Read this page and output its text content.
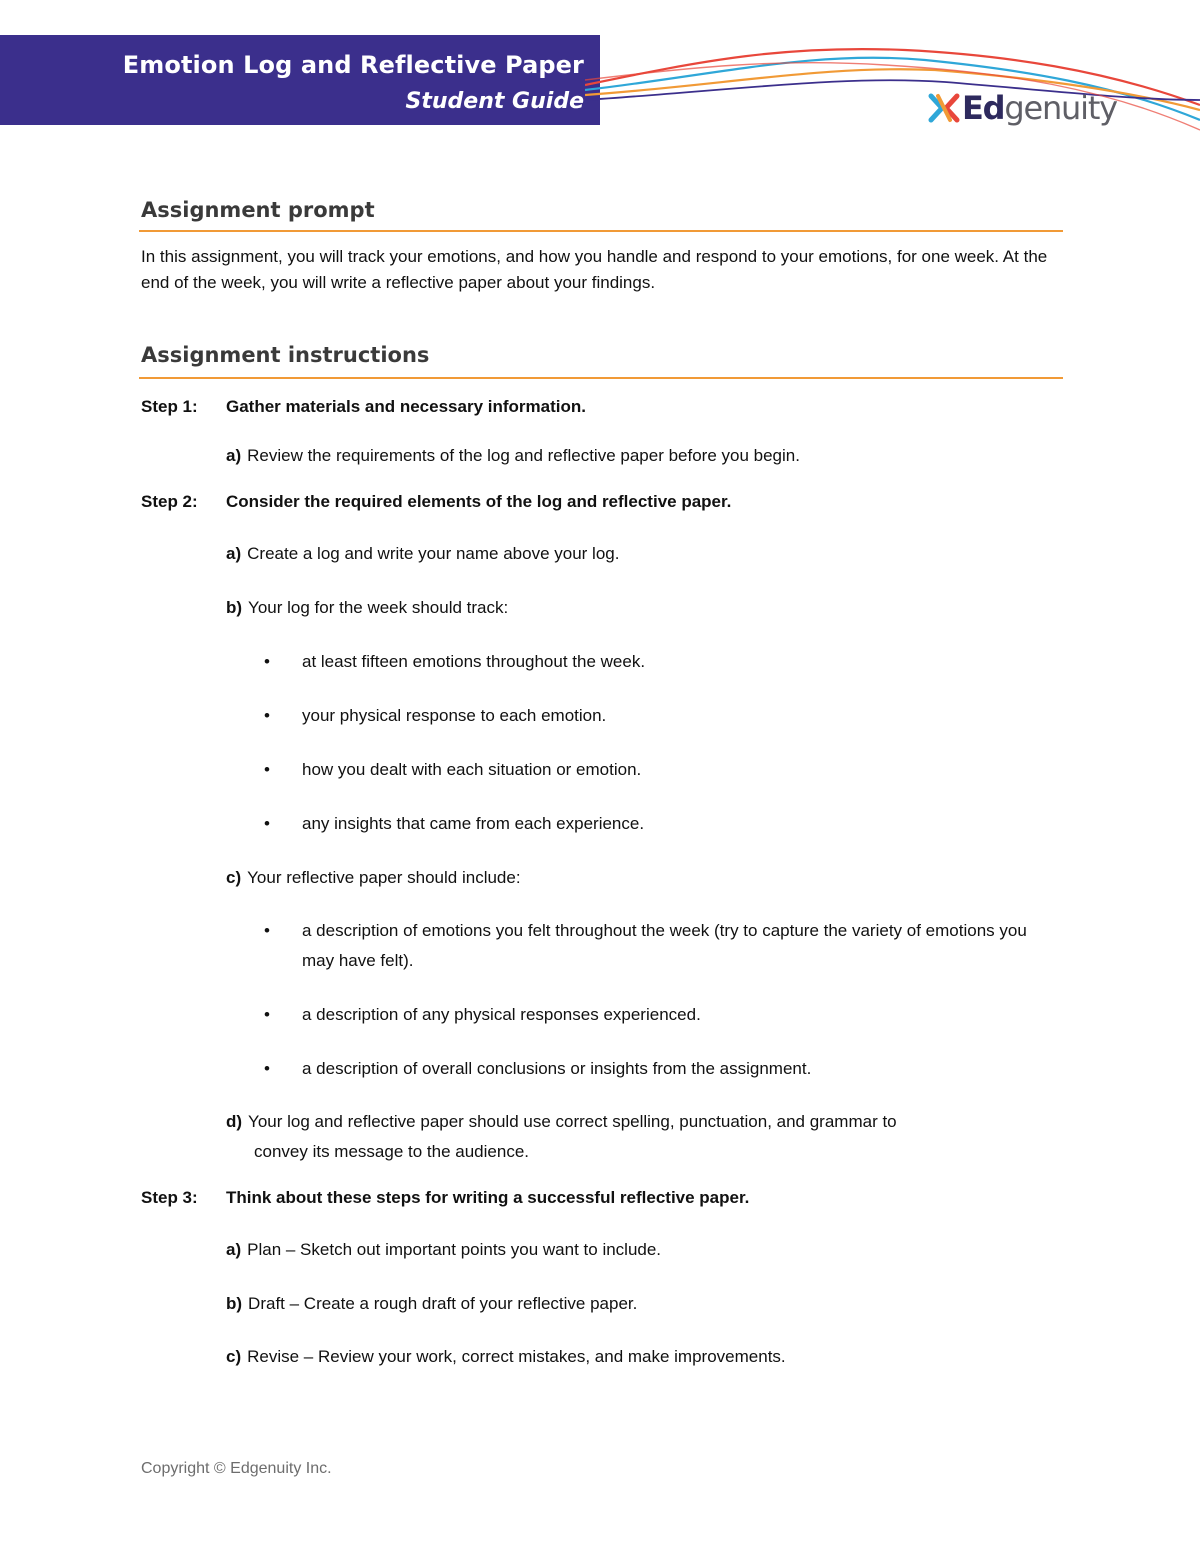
Emotion Log and Reflective Paper
Student Guide	Edgenuity
Assignment prompt
In this assignment, you will track your emotions, and how you handle and respond to your emotions, for one week. At the end of the week, you will write a reflective paper about your findings.
Assignment instructions
Step 1: Gather materials and necessary information.
a) Review the requirements of the log and reflective paper before you begin.
Step 2: Consider the required elements of the log and reflective paper.
a) Create a log and write your name above your log.
b) Your log for the week should track:
•	at least fifteen emotions throughout the week.
•	your physical response to each emotion.
•	how you dealt with each situation or emotion.
•	any insights that came from each experience.
c) Your reflective paper should include:
•	a description of emotions you felt throughout the week (try to capture the variety of emotions you may have felt).
•	a description of any physical responses experienced.
•	a description of overall conclusions or insights from the assignment.
d) Your log and reflective paper should use correct spelling, punctuation, and grammar to
convey its message to the audience.
Step 3: Think about these steps for writing a successful reflective paper.
a) Plan – Sketch out important points you want to include.
b) Draft – Create a rough draft of your reflective paper.
c) Revise – Review your work, correct mistakes, and make improvements.
Copyright © Edgenuity Inc.
